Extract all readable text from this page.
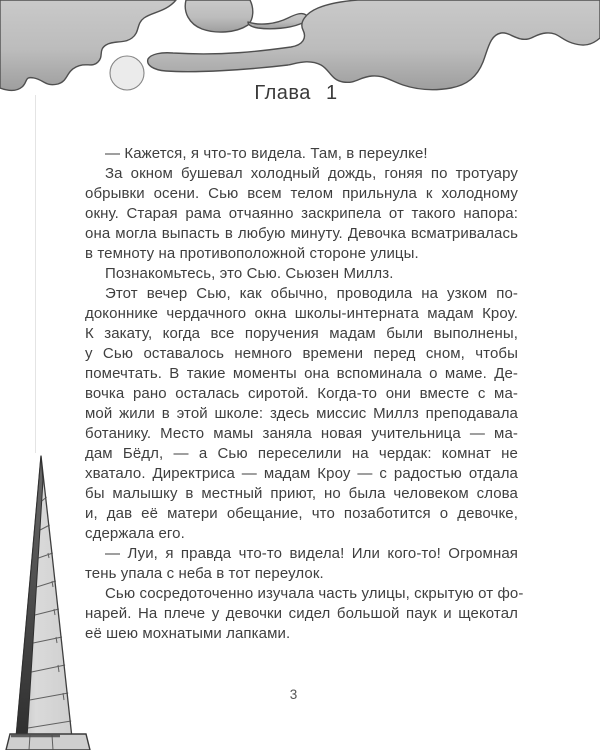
Глава 1
— Кажется, я что-то видела. Там, в переулке!
За окном бушевал холодный дождь, гоняя по тротуару
обрывки осени. Сью всем телом прильнула к холодному
окну. Старая рама отчаянно заскрипела от такого напора:
она могла выпасть в любую минуту. Девочка всматривалась
в темноту на противоположной стороне улицы.
Познакомьтесь, это Сью. Сьюзен Миллз.
Этот вечер Сью, как обычно, проводила на узком по-
доконнике чердачного окна школы-интерната мадам Кроу.
К закату, когда все поручения мадам были выполнены,
у Сью оставалось немного времени перед сном, чтобы
помечтать. В такие моменты она вспоминала о маме. Де-
вочка рано осталась сиротой. Когда-то они вместе с ма-
мой жили в этой школе: здесь миссис Миллз преподавала
ботанику. Место мамы заняла новая учительница — ма-
дам Бёдл, — а Сью переселили на чердак: комнат не
хватало. Директриса — мадам Кроу — с радостью отдала
бы малышку в местный приют, но была человеком слова
и, дав её матери обещание, что позаботится о девочке,
сдержала его.
— Луи, я правда что-то видела! Или кого-то! Огромная
тень упала с неба в тот переулок.
Сью сосредоточенно изучала часть улицы, скрытую от фо-
нарей. На плече у девочки сидел большой паук и щекотал
её шею мохнатыми лапками.
3
